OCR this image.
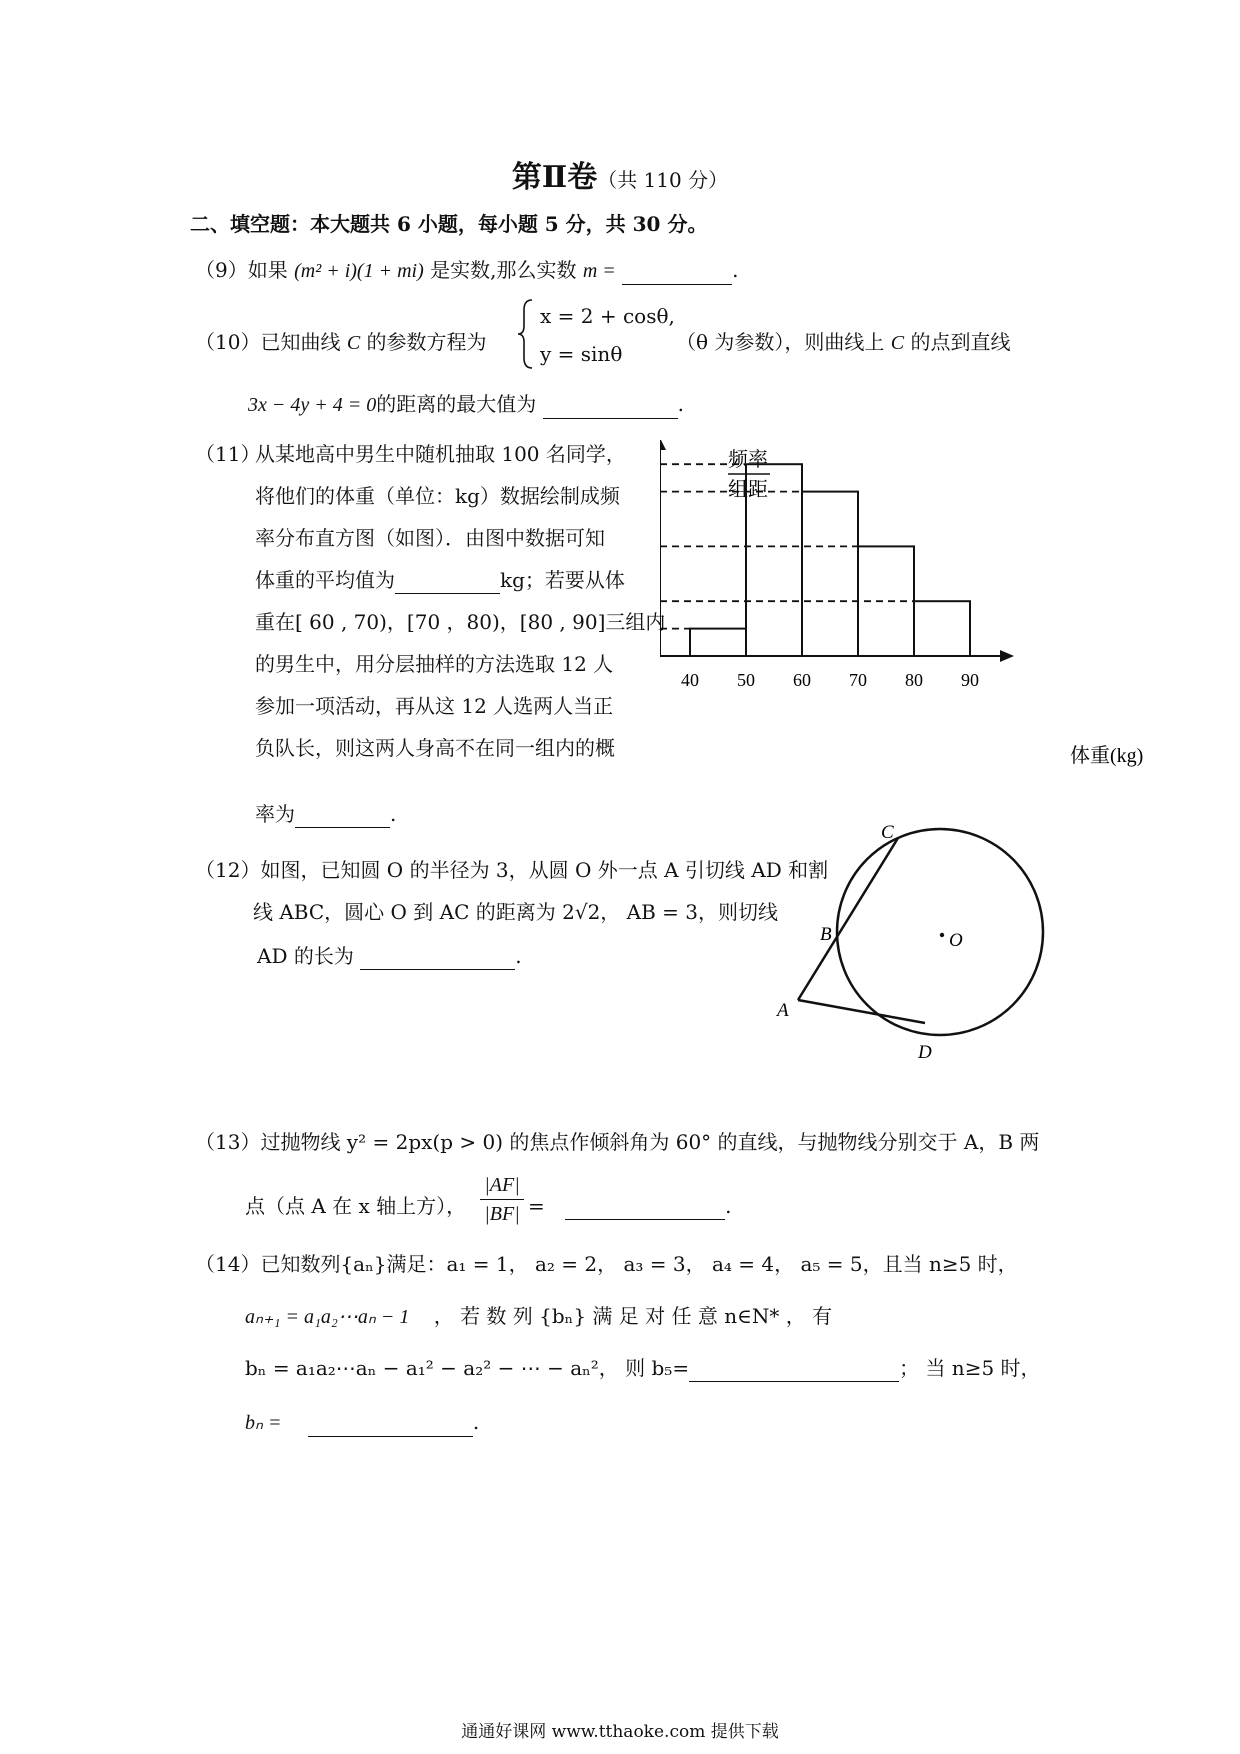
第Ⅱ卷（共 110 分）
二、填空题：本大题共 6 小题，每小题 5 分，共 30 分。
（9）如果 (m² + i)(1 + mi) 是实数,那么实数 m =	.
（10）已知曲线 C 的参数方程为
x = 2 + cosθ,
y = sinθ	（θ 为参数），则曲线上 C 的点到直线
3x − 4y + 4 = 0的距离的最大值为	.
（11）
从某地高中男生中随机抽取 100 名同学，
将他们的体重（单位：kg）数据绘制成频
率分布直方图（如图）．由图中数据可知
体重的平均值为	kg；若要从体
重在[ 60 , 70)，[70 ，80)，[80 , 90]三组内
的男生中，用分层抽样的方法选取 12 人
参加一项活动，再从这 12 人选两人当正
负队长，则这两人身高不在同一组内的概
率为	.
频率
组距
体重(kg)
40 50 60 70 80 90
（12）如图，已知圆 O 的半径为 3，从圆 O 外一点 A 引切线 AD 和割
线 ABC，圆心 O 到 AC 的距离为 2√2， AB = 3，则切线
AD 的长为	.
C
B	O
A
D
（13）过抛物线 y² = 2px(p > 0) 的焦点作倾斜角为 60° 的直线，与抛物线分别交于 A，B 两
点（点 A 在 x 轴上方），
|AF|
|BF| =	.
（14）已知数列{aₙ}满足：a₁ = 1， a₂ = 2， a₃ = 3， a₄ = 4， a₅ = 5，且当 n≥5 时，
aₙ₊₁ = a₁a₂⋯aₙ − 1 ， 若 数 列 {bₙ} 满 足 对 任 意 n∈N* ， 有
bₙ = a₁a₂⋯aₙ − a₁² − a₂² − ⋯ − aₙ²， 则 b₅=	； 当 n≥5 时，
bₙ =	.
通通好课网 www.tthaoke.com 提供下载
